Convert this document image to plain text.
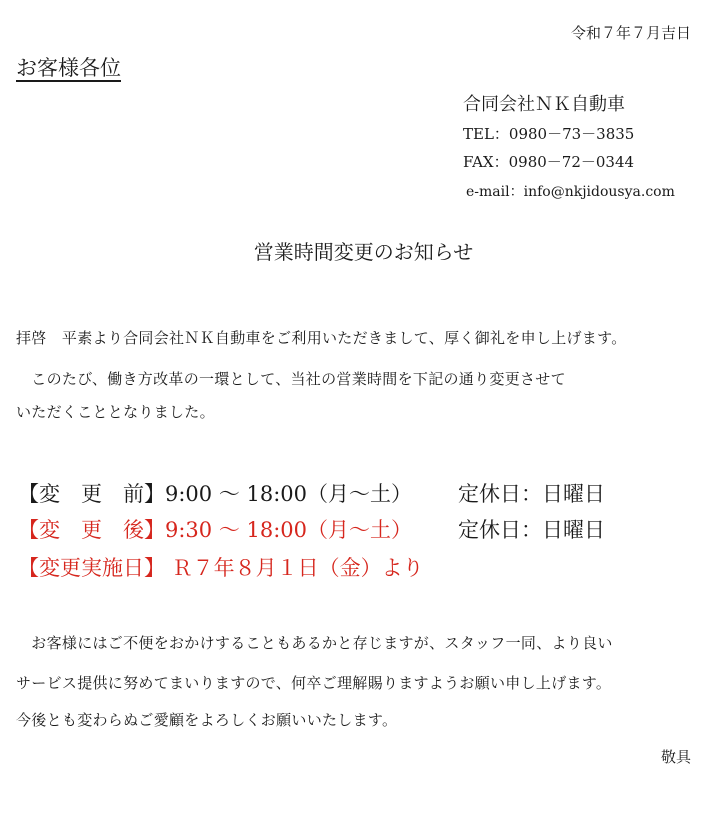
令和７年７月吉日
お客様各位
合同会社ＮＫ自動車
TEL：0980－73－3835
FAX：0980－72－0344
e-mail：info@nkjidousya.com
営業時間変更のお知らせ
拝啓　平素より合同会社ＮＫ自動車をご利用いただきまして、厚く御礼を申し上げます。
　このたび、働き方改革の一環として、当社の営業時間を下記の通り変更させて
いただくこととなりました。
【変　更　前】9:00 ～ 18:00（月～土） 定休日：日曜日
【変　更　後】9:30 ～ 18:00（月～土） 定休日：日曜日
【変更実施日】 Ｒ７年８月１日（金）より
　お客様にはご不便をおかけすることもあるかと存じますが、スタッフ一同、より良い
サービス提供に努めてまいりますので、何卒ご理解賜りますようお願い申し上げます。
今後とも変わらぬご愛顧をよろしくお願いいたします。
敬具
